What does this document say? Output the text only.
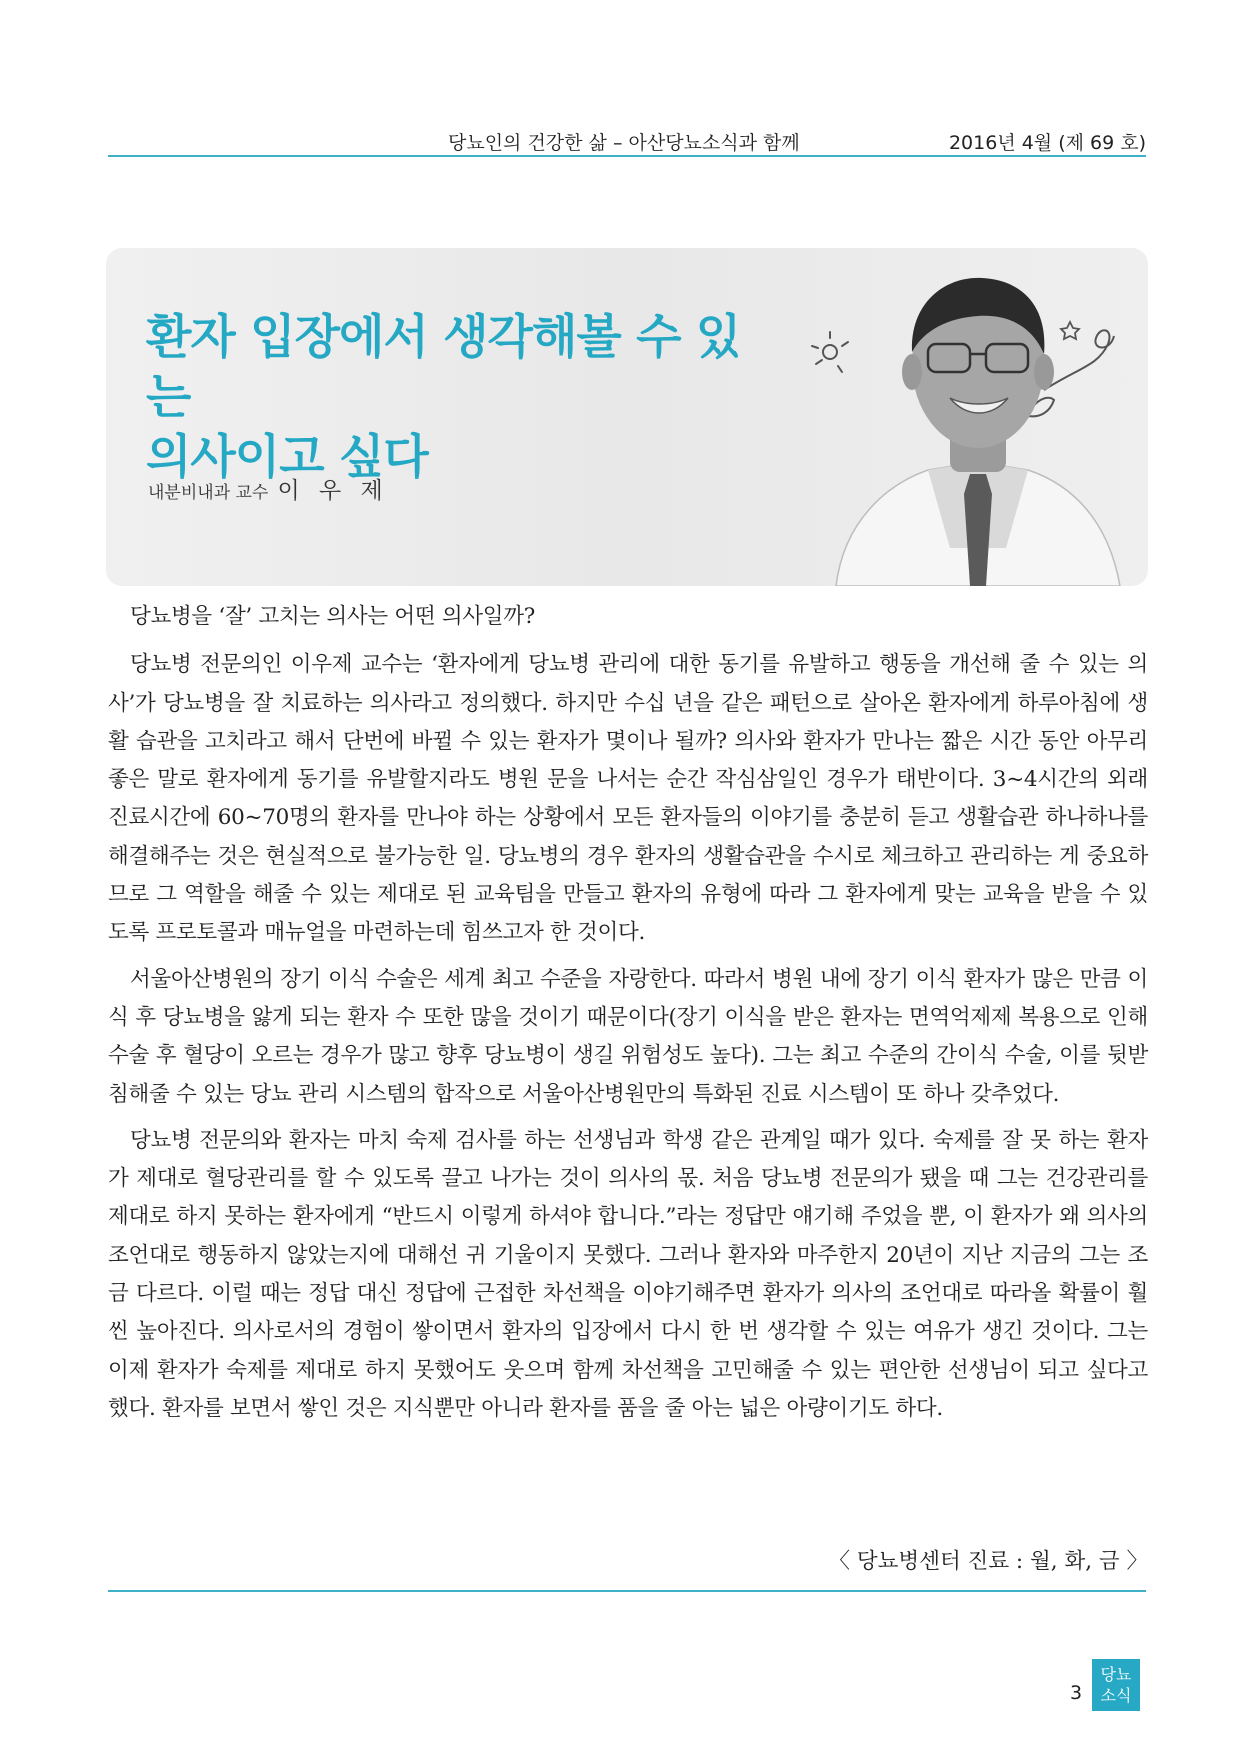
당뇨인의 건강한 삶 – 아산당뇨소식과 함께	2016년 4월 (제 69 호)
환자 입장에서 생각해볼 수 있는
의사이고 싶다
내분비내과 교수 이 우 제

당뇨병을 ‘잘’ 고치는 의사는 어떤 의사일까?

당뇨병 전문의인 이우제 교수는 ‘환자에게 당뇨병 관리에 대한 동기를 유발하고 행동을 개선해 줄 수 있는 의사’가 당뇨병을 잘 치료하는 의사라고 정의했다. 하지만 수십 년을 같은 패턴으로 살아온 환자에게 하루아침에 생활 습관을 고치라고 해서 단번에 바뀔 수 있는 환자가 몇이나 될까? 의사와 환자가 만나는 짧은 시간 동안 아무리 좋은 말로 환자에게 동기를 유발할지라도 병원 문을 나서는 순간 작심삼일인 경우가 태반이다. 3~4시간의 외래 진료시간에 60~70명의 환자를 만나야 하는 상황에서 모든 환자들의 이야기를 충분히 듣고 생활습관 하나하나를 해결해주는 것은 현실적으로 불가능한 일. 당뇨병의 경우 환자의 생활습관을 수시로 체크하고 관리하는 게 중요하므로 그 역할을 해줄 수 있는 제대로 된 교육팀을 만들고 환자의 유형에 따라 그 환자에게 맞는 교육을 받을 수 있도록 프로토콜과 매뉴얼을 마련하는데 힘쓰고자 한 것이다.

서울아산병원의 장기 이식 수술은 세계 최고 수준을 자랑한다. 따라서 병원 내에 장기 이식 환자가 많은 만큼 이식 후 당뇨병을 앓게 되는 환자 수 또한 많을 것이기 때문이다(장기 이식을 받은 환자는 면역억제제 복용으로 인해 수술 후 혈당이 오르는 경우가 많고 향후 당뇨병이 생길 위험성도 높다). 그는 최고 수준의 간이식 수술, 이를 뒷받침해줄 수 있는 당뇨 관리 시스템의 합작으로 서울아산병원만의 특화된 진료 시스템이 또 하나 갖추었다.

당뇨병 전문의와 환자는 마치 숙제 검사를 하는 선생님과 학생 같은 관계일 때가 있다. 숙제를 잘 못 하는 환자가 제대로 혈당관리를 할 수 있도록 끌고 나가는 것이 의사의 몫. 처음 당뇨병 전문의가 됐을 때 그는 건강관리를 제대로 하지 못하는 환자에게 “반드시 이렇게 하셔야 합니다.”라는 정답만 얘기해 주었을 뿐, 이 환자가 왜 의사의 조언대로 행동하지 않았는지에 대해선 귀 기울이지 못했다. 그러나 환자와 마주한지 20년이 지난 지금의 그는 조금 다르다. 이럴 때는 정답 대신 정답에 근접한 차선책을 이야기해주면 환자가 의사의 조언대로 따라올 확률이 훨씬 높아진다. 의사로서의 경험이 쌓이면서 환자의 입장에서 다시 한 번 생각할 수 있는 여유가 생긴 것이다. 그는 이제 환자가 숙제를 제대로 하지 못했어도 웃으며 함께 차선책을 고민해줄 수 있는 편안한 선생님이 되고 싶다고 했다. 환자를 보면서 쌓인 것은 지식뿐만 아니라 환자를 품을 줄 아는 넓은 아량이기도 하다.

〈 당뇨병센터 진료 : 월, 화, 금 〉
3
당뇨
소식
